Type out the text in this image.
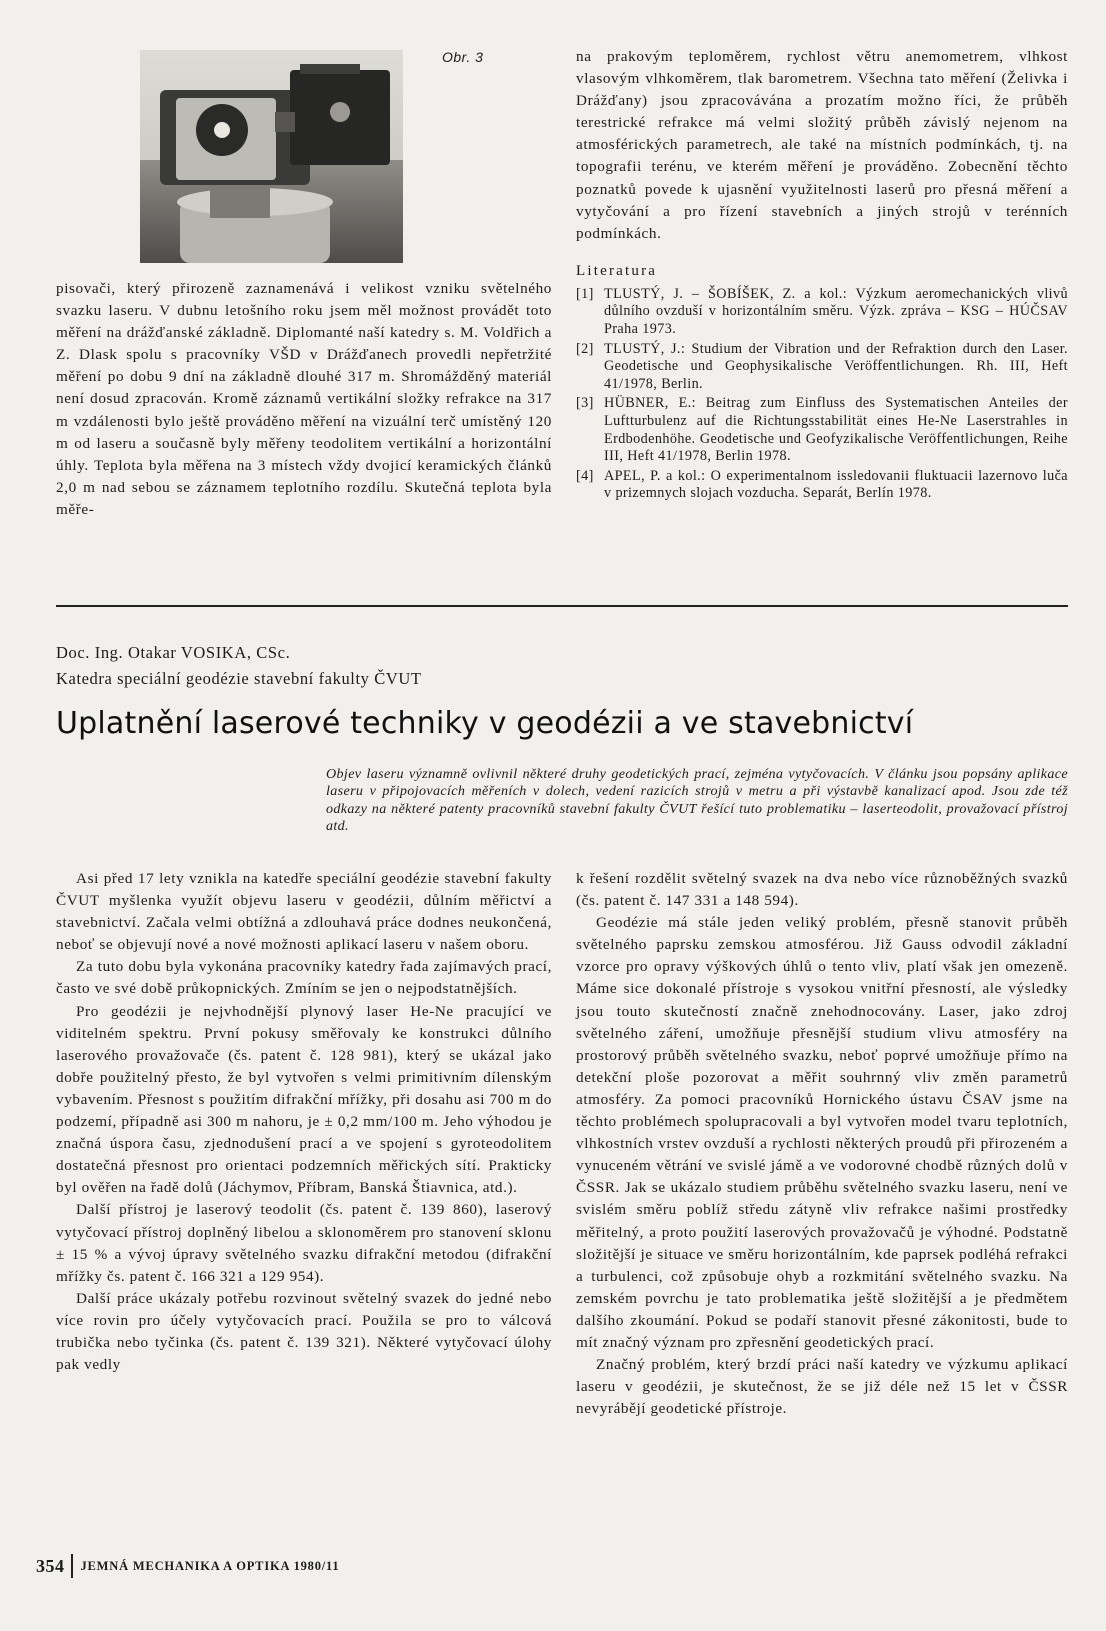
Obr. 3

pisovači, který přirozeně zaznamenává i velikost vzniku světelného svazku laseru. V dubnu letošního roku jsem měl možnost provádět toto měření na drážďanské základně. Diplomanté naší katedry s. M. Voldřich a Z. Dlask spolu s pracovníky VŠD v Drážďanech provedli nepřetržité měření po dobu 9 dní na základně dlouhé 317 m. Shromážděný materiál není dosud zpracován. Kromě záznamů vertikální složky refrakce na 317 m vzdálenosti bylo ještě prováděno měření na vizuální terč umístěný 120 m od laseru a současně byly měřeny teodolitem vertikální a horizontální úhly. Teplota byla měřena na 3 místech vždy dvojicí keramických článků 2,0 m nad sebou se záznamem teplotního rozdílu. Skutečná teplota byla měře-

na prakovým teploměrem, rychlost větru anemometrem, vlhkost vlasovým vlhkoměrem, tlak barometrem. Všechna tato měření (Želivka i Drážďany) jsou zpracovávána a prozatím možno říci, že průběh terestrické refrakce má velmi složitý průběh závislý nejenom na atmosférických parametrech, ale také na místních podmínkách, tj. na topografii terénu, ve kterém měření je prováděno. Zobecnění těchto poznatků povede k ujasnění využitelnosti laserů pro přesná měření a vytyčování a pro řízení stavebních a jiných strojů v terénních podmínkách.

Literatura
[1] TLUSTÝ, J. – ŠOBÍŠEK, Z. a kol.: Výzkum aeromechanických vlivů důlního ovzduší v horizontálním směru. Výzk. zpráva – KSG – HÚČSAV Praha 1973.
[2] TLUSTÝ, J.: Studium der Vibration und der Refraktion durch den Laser. Geodetische und Geophysikalische Veröffentlichungen. Rh. III, Heft 41/1978, Berlin.
[3] HÜBNER, E.: Beitrag zum Einfluss des Systematischen Anteiles der Luftturbulenz auf die Richtungsstabilität eines He-Ne Laserstrahles in Erdbodenhöhe. Geodetische und Geofyzikalische Veröffentlichungen, Reihe III, Heft 41/1978, Berlin 1978.
[4] APEL, P. a kol.: O experimentalnom issledovanii fluktuacii lazernovo luča v prizemnych slojach vozducha. Separát, Berlín 1978.
Doc. Ing. Otakar VOSIKA, CSc.
Katedra speciální geodézie stavební fakulty ČVUT
Uplatnění laserové techniky v geodézii a ve stavebnictví
Objev laseru významně ovlivnil některé druhy geodetických prací, zejména vytyčovacích. V článku jsou popsány aplikace laseru v připojovacích měřeních v dolech, vedení razicích strojů v metru a při výstavbě kanalizací apod. Jsou zde též odkazy na některé patenty pracovníků stavební fakulty ČVUT řešící tuto problematiku – laserteodolit, provažovací přístroj atd.

Asi před 17 lety vznikla na katedře speciální geodézie stavební fakulty ČVUT myšlenka využít objevu laseru v geodézii, důlním měřictví a stavebnictví. Začala velmi obtížná a zdlouhavá práce dodnes neukončená, neboť se objevují nové a nové možnosti aplikací laseru v našem oboru.

Za tuto dobu byla vykonána pracovníky katedry řada zajímavých prací, často ve své době průkopnických. Zmíním se jen o nejpodstatnějších.

Pro geodézii je nejvhodnější plynový laser He-Ne pracující ve viditelném spektru. První pokusy směřovaly ke konstrukci důlního laserového provažovače (čs. patent č. 128 981), který se ukázal jako dobře použitelný přesto, že byl vytvořen s velmi primitivním dílenským vybavením. Přesnost s použitím difrakční mřížky, při dosahu asi 700 m do podzemí, případně asi 300 m nahoru, je ± 0,2 mm/100 m. Jeho výhodou je značná úspora času, zjednodušení prací a ve spojení s gyroteodolitem dostatečná přesnost pro orientaci podzemních měřických sítí. Prakticky byl ověřen na řadě dolů (Jáchymov, Příbram, Banská Štiavnica, atd.).

Další přístroj je laserový teodolit (čs. patent č. 139 860), laserový vytyčovací přístroj doplněný libelou a sklonoměrem pro stanovení sklonu ± 15 % a vývoj úpravy světelného svazku difrakční metodou (difrakční mřížky čs. patent č. 166 321 a 129 954).

Další práce ukázaly potřebu rozvinout světelný svazek do jedné nebo více rovin pro účely vytyčovacích prací. Použila se pro to válcová trubička nebo tyčinka (čs. patent č. 139 321). Některé vytyčovací úlohy pak vedly

k řešení rozdělit světelný svazek na dva nebo více různoběžných svazků (čs. patent č. 147 331 a 148 594).

Geodézie má stále jeden veliký problém, přesně stanovit průběh světelného paprsku zemskou atmosférou. Již Gauss odvodil základní vzorce pro opravy výškových úhlů o tento vliv, platí však jen omezeně. Máme sice dokonalé přístroje s vysokou vnitřní přesností, ale výsledky jsou touto skutečností značně znehodnocovány. Laser, jako zdroj světelného záření, umožňuje přesnější studium vlivu atmosféry na prostorový průběh světelného svazku, neboť poprvé umožňuje přímo na detekční ploše pozorovat a měřit souhrnný vliv změn parametrů atmosféry. Za pomoci pracovníků Hornického ústavu ČSAV jsme na těchto problémech spolupracovali a byl vytvořen model tvaru teplotních, vlhkostních vrstev ovzduší a rychlosti některých proudů při přirozeném a vynuceném větrání ve svislé jámě a ve vodorovné chodbě různých dolů v ČSSR. Jak se ukázalo studiem průběhu světelného svazku laseru, není ve svislém směru poblíž středu zátyně vliv refrakce našimi prostředky měřitelný, a proto použití laserových provažovačů je výhodné. Podstatně složitější je situace ve směru horizontálním, kde paprsek podléhá refrakci a turbulenci, což způsobuje ohyb a rozkmitání světelného svazku. Na zemském povrchu je tato problematika ještě složitější a je předmětem dalšího zkoumání. Pokud se podaří stanovit přesné zákonitosti, bude to mít značný význam pro zpřesnění geodetických prací.

Značný problém, který brzdí práci naší katedry ve výzkumu aplikací laseru v geodézii, je skutečnost, že se již déle než 15 let v ČSSR nevyrábějí geodetické přístroje.

354 JEMNÁ MECHANIKA A OPTIKA 1980/11
